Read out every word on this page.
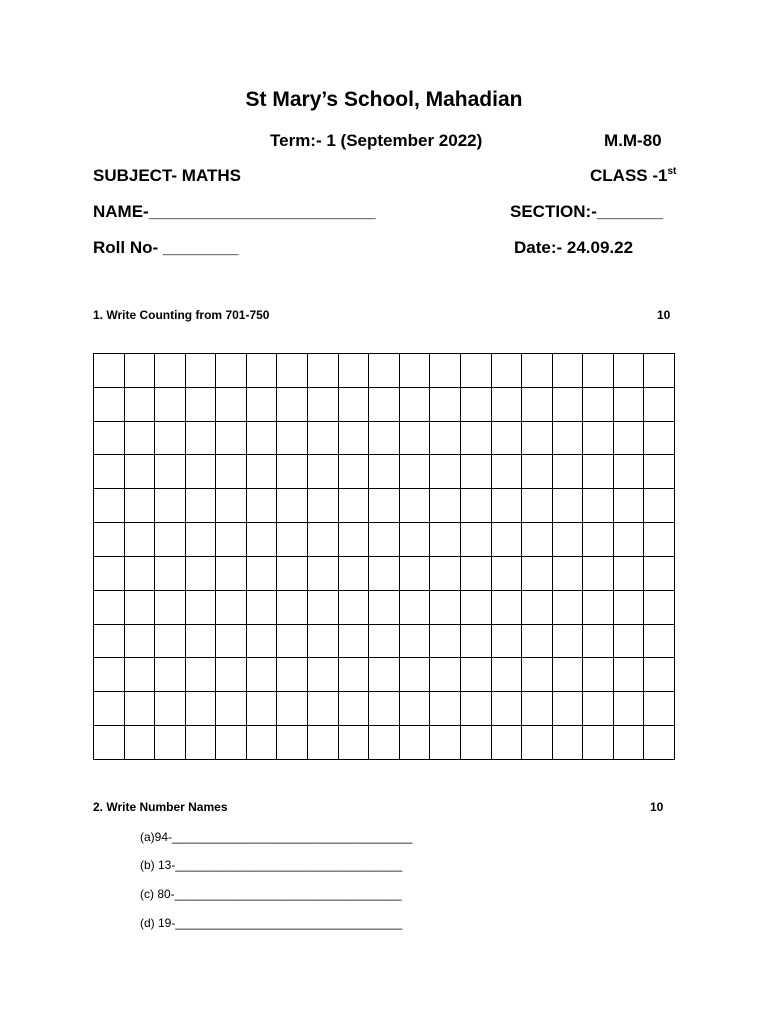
St Mary’s School, Mahadian
Term:- 1 (September 2022)	M.M-80
SUBJECT- MATHS	CLASS -1st
NAME-________________________	SECTION:-_______
Roll No- ________	Date:- 24.09.22
1. Write Counting from 701-750	10

2. Write Number Names	10
(a)94-____________________________________
(b) 13-__________________________________
(c) 80-__________________________________
(d) 19-__________________________________
